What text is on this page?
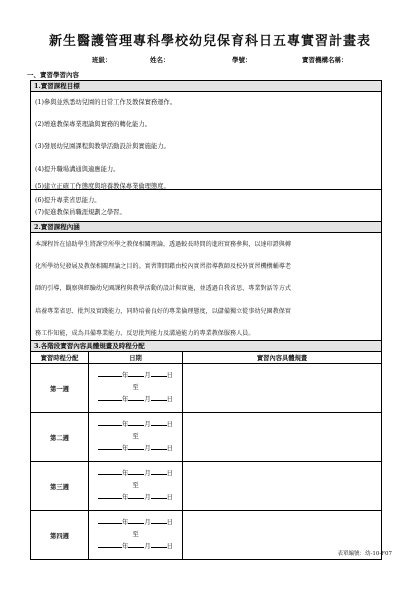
新生醫護管理專科學校幼兒保育科日五專實習計畫表
班級：	姓名：	學號：	實習機構名稱：
一、實習學習內容
1.實習課程目標
(1)參與並熟悉幼兒園的日常工作及教保實務運作。
(2)增進教保專業理論與實務的轉化能力。
(3)發展幼兒園課程與教學活動設計與實施能力。
(4)提升職場溝通與適應能力。
(5)建立正確工作態度與培養教保專業倫理態度。
(6)提升專業省思能力。
(7)促進教保員職涯規劃之學習。
2.實習課程內涵
本課程旨在協助學生將課堂所學之教保相關理論，透過較長時間的進班實務參與，以達印證與轉
化所學幼兒發展及教保相關理論之目的。實習期間藉由校內實習指導教師及校外實習機構輔導老
師的引導，觀察與經驗幼兒園課程與教學活動的設計與實施，並透過自我省思、專業對話等方式
培養專業省思、批判及實踐能力，同時培養良好的專業倫理態度，以儲備獨立從事幼兒園教保實
務工作知能，成為具備專業能力、反思批判能力及溝通能力的專業教保服務人員。
3.各階段實習內容具體規畫及時程分配
實習時程分配	日期	實習內容具體規畫
第一週	年 月 日
至
年 月 日	

第二週	年 月 日
至
年 月 日	

第三週	年 月 日
至
年 月 日	

第四週	年 月 日
至
年 月 日	

表單編號：幼-10-F07
